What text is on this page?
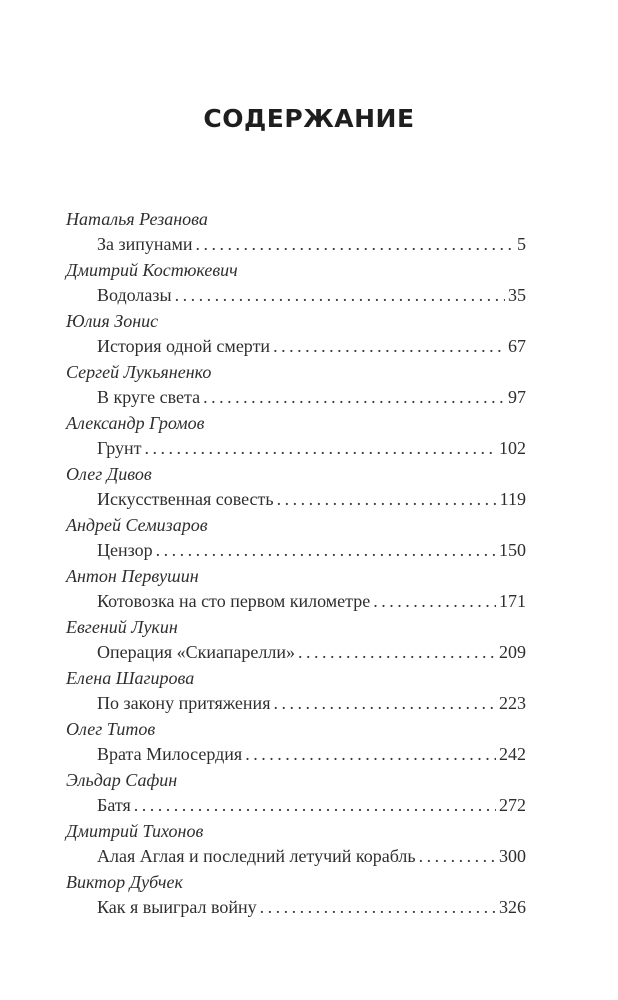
СОДЕРЖАНИЕ
Наталья Резанова
За зипунами . . .	5
Дмитрий Костюкевич
Водолазы . . .	35
Юлия Зонис
История одной смерти . . .	67
Сергей Лукьяненко
В круге света . . .	97
Александр Громов
Грунт . . .	102
Олег Дивов
Искусственная совесть . . .	119
Андрей Семизаров
Цензор . . .	150
Антон Первушин
Котовозка на сто первом километре . . .	171
Евгений Лукин
Операция «Скиапарелли» . . .	209
Елена Шагирова
По закону притяжения . . .	223
Олег Титов
Врата Милосердия . . .	242
Эльдар Сафин
Батя . . .	272
Дмитрий Тихонов
Алая Аглая и последний летучий корабль . . .	300
Виктор Дубчек
Как я выиграл войну . . .	326
